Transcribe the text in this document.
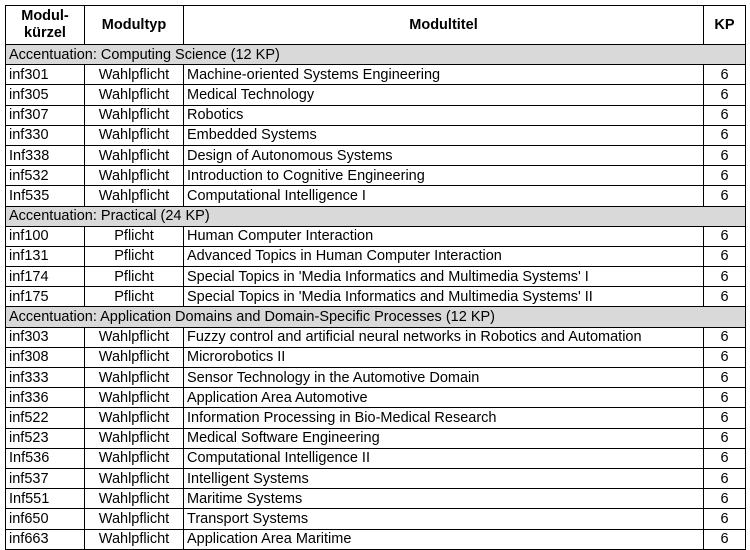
Modul-
kürzel	Modultyp	Modultitel	KP
Accentuation: Computing Science (12 KP)			
inf301	Wahlpflicht	Machine-oriented Systems Engineering	6
inf305	Wahlpflicht	Medical Technology	6
inf307	Wahlpflicht	Robotics	6
inf330	Wahlpflicht	Embedded Systems	6
Inf338	Wahlpflicht	Design of Autonomous Systems	6
inf532	Wahlpflicht	Introduction to Cognitive Engineering	6
Inf535	Wahlpflicht	Computational Intelligence I	6
Accentuation: Practical (24 KP)			
inf100	Pflicht	Human Computer Interaction	6
inf131	Pflicht	Advanced Topics in Human Computer Interaction	6
inf174	Pflicht	Special Topics in 'Media Informatics and Multimedia Systems' I	6
inf175	Pflicht	Special Topics in 'Media Informatics and Multimedia Systems' II	6
Accentuation: Application Domains and Domain-Specific Processes (12 KP)			
inf303	Wahlpflicht	Fuzzy control and artificial neural networks in Robotics and Automation	6
inf308	Wahlpflicht	Microrobotics II	6
inf333	Wahlpflicht	Sensor Technology in the Automotive Domain	6
inf336	Wahlpflicht	Application Area Automotive	6
inf522	Wahlpflicht	Information Processing in Bio-Medical Research	6
inf523	Wahlpflicht	Medical Software Engineering	6
Inf536	Wahlpflicht	Computational Intelligence II	6
inf537	Wahlpflicht	Intelligent Systems	6
Inf551	Wahlpflicht	Maritime Systems	6
inf650	Wahlpflicht	Transport Systems	6
inf663	Wahlpflicht	Application Area Maritime	6
